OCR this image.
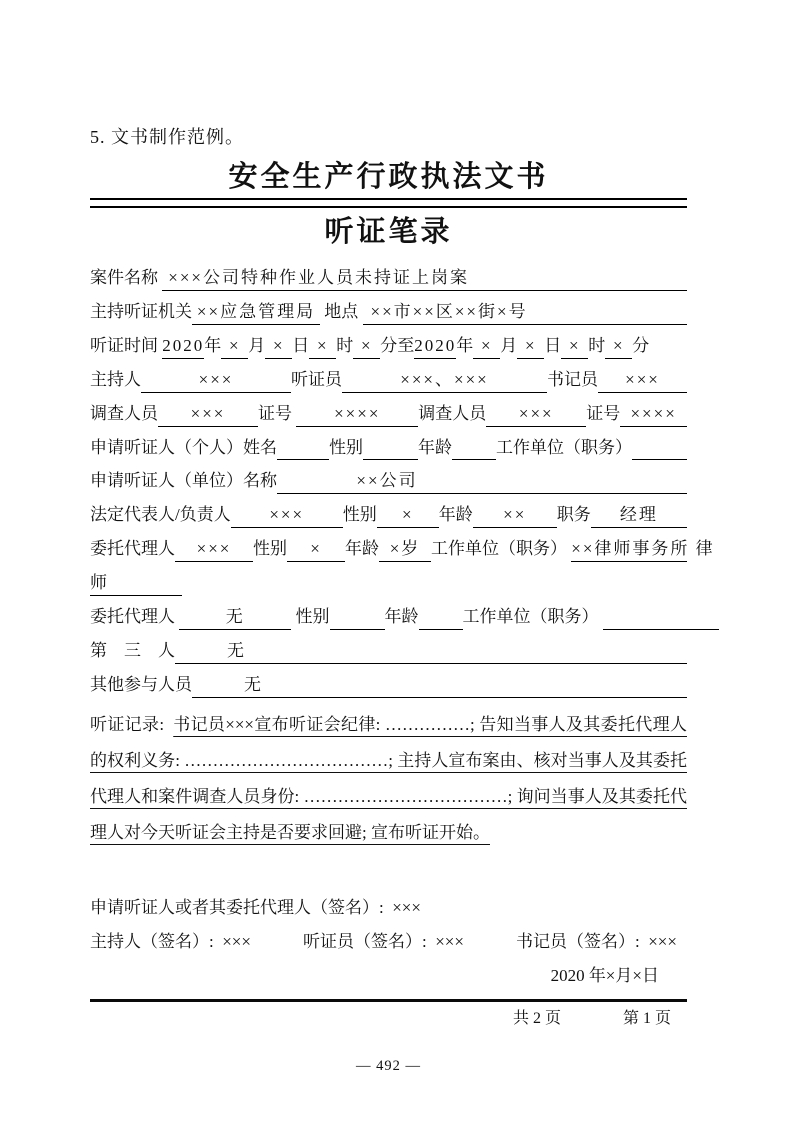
5. 文书制作范例。
安全生产行政执法文书
听证笔录
案件名称 ×××公司特种作业人员未持证上岗案
主持听证机关 ××应急管理局 地点 ××市××区××街×号
听证时间 2020 年 × 月 × 日 × 时 × 分至 2020 年 × 月 × 日 × 时 × 分
主持人	×××	听证员	×××、×××	书记员	×××
调查人员	×××	证号	××××	调查人员	×××	证号 ××××
申请听证人（个人）姓名	性别	年龄	工作单位（职务）
申请听证人（单位）名称	××公司
法定代表人/负责人	×××	性别	×	年龄	××	职务	经理
委托代理人	×××	性别	×	年龄 ×岁 工作单位（职务） ××律师事务所 律
师
委托代理人	无	性别	年龄	工作单位（职务）
第　三　人	无
其他参与人员	无

听证记录:  书记员×××宣布听证会纪律: ……………; 告知当事人及其委托代理人的权利义务: ………………………………; 主持人宣布案由、核对当事人及其委托代理人和案件调查人员身份: ………………………………; 询问当事人及其委托代理人对今天听证会主持是否要求回避; 宣布听证开始。

申请听证人或者其委托代理人（签名）:  ×××
主持人（签名）:  ×××	听证员（签名）:  ×××	书记员（签名）:  ×××
2020 年×月×日
共 2 页	第 1 页
— 492 —
